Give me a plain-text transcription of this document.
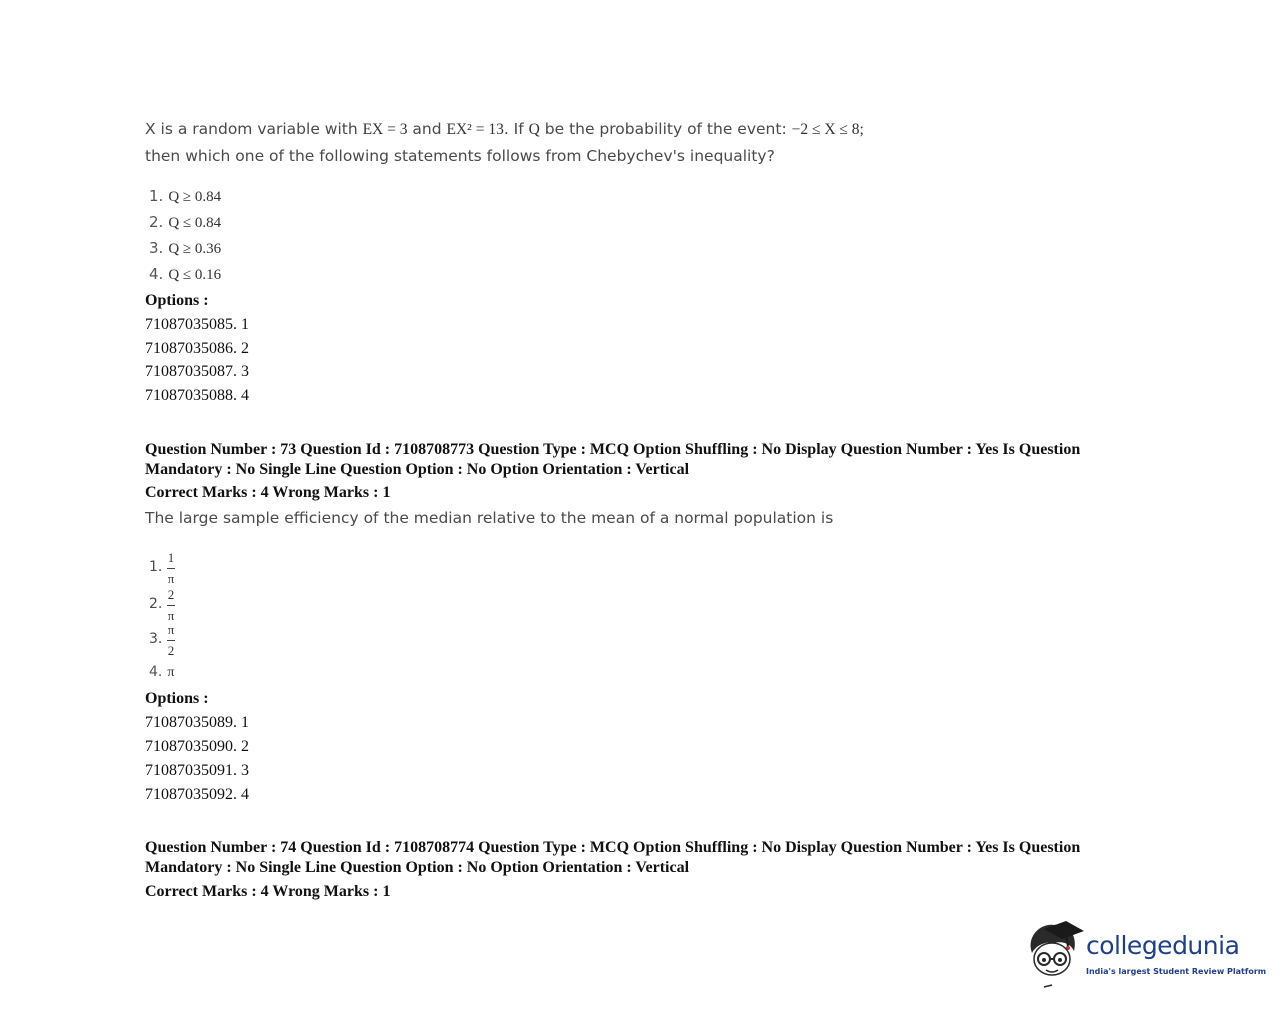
X is a random variable with EX = 3 and EX² = 13. If Q be the probability of the event: −2 ≤ X ≤ 8;
then which one of the following statements follows from Chebychev's inequality?
1. Q ≥ 0.84
2. Q ≤ 0.84
3. Q ≥ 0.36
4. Q ≤ 0.16
Options :
71087035085. 1
71087035086. 2
71087035087. 3
71087035088. 4
Question Number : 73 Question Id : 7108708773 Question Type : MCQ Option Shuffling : No Display Question Number : Yes Is Question Mandatory : No Single Line Question Option : No Option Orientation : Vertical
Correct Marks : 4 Wrong Marks : 1
The large sample efficiency of the median relative to the mean of a normal population is
1.
1
π
2.
2
π
3.
π
2
4. π
Options :
71087035089. 1
71087035090. 2
71087035091. 3
71087035092. 4
Question Number : 74 Question Id : 7108708774 Question Type : MCQ Option Shuffling : No Display Question Number : Yes Is Question Mandatory : No Single Line Question Option : No Option Orientation : Vertical
Correct Marks : 4 Wrong Marks : 1
collegedunia
India's largest Student Review Platform
